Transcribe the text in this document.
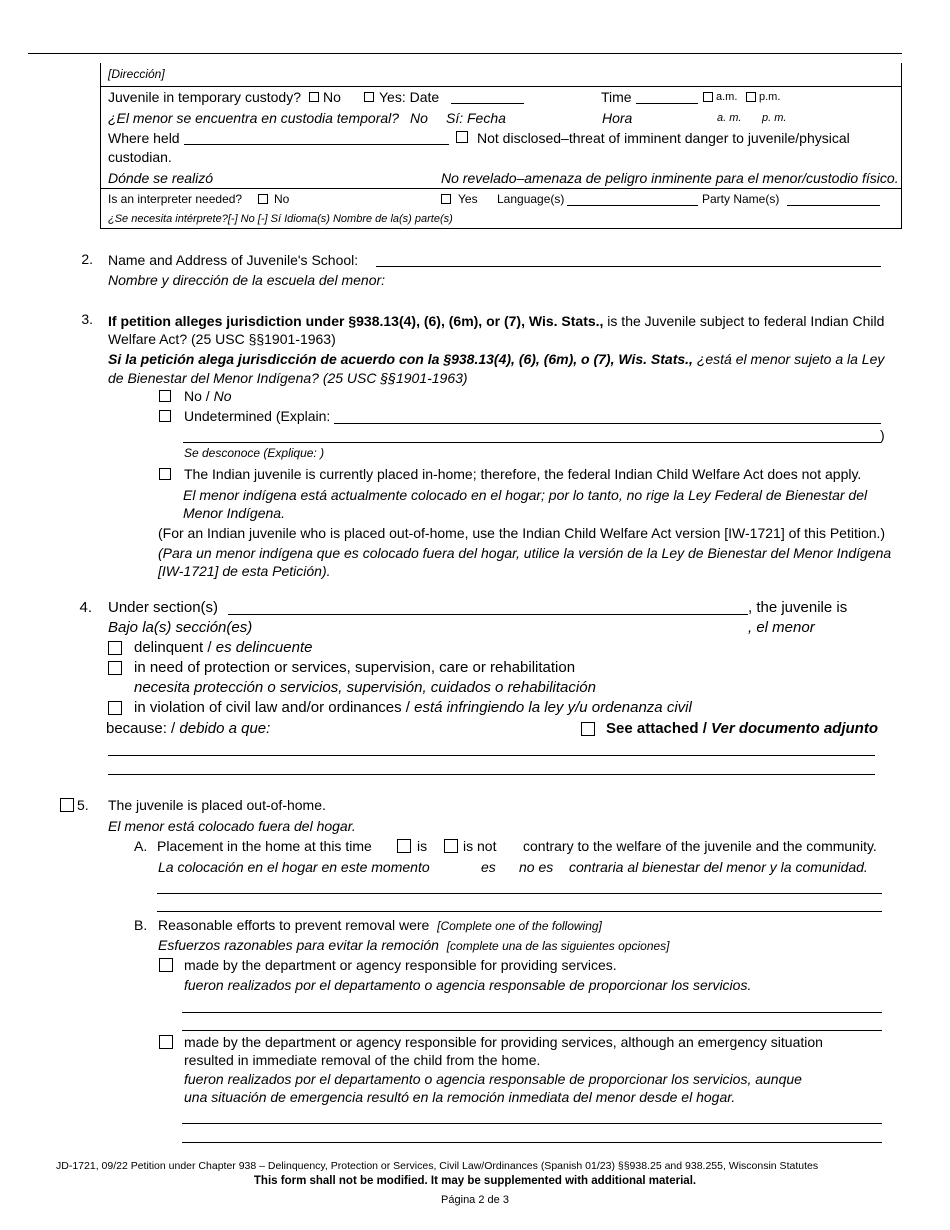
[Dirección]
Juvenile in temporary custody? No	Yes: Date	Time	a.m. p.m.
¿El menor se encuentra en custodia temporal? No Sí: Fecha	Hora	a. m. p. m.
Where held	Not disclosed–threat of imminent danger to juvenile/physical
custodian.
Dónde se realizó	No revelado–amenaza de peligro inminente para el menor/custodio físico.
Is an interpreter needed?	No	Yes Language(s)	Party Name(s)
¿Se necesita intérprete?[-] No [-] Sí Idioma(s) Nombre de la(s) parte(s)
2. Name and Address of Juvenile's School:
Nombre y dirección de la escuela del menor:
3. If petition alleges jurisdiction under §938.13(4), (6), (6m), or (7), Wis. Stats., is the Juvenile subject to federal Indian Child
Welfare Act? (25 USC §§1901-1963)
Si la petición alega jurisdicción de acuerdo con la §938.13(4), (6), (6m), o (7), Wis. Stats., ¿está el menor sujeto a la Ley
de Bienestar del Menor Indígena? (25 USC §§1901-1963)
No / No
Undetermined (Explain:
)
Se desconoce (Explique: )
The Indian juvenile is currently placed in-home; therefore, the federal Indian Child Welfare Act does not apply.
El menor indígena está actualmente colocado en el hogar; por lo tanto, no rige la Ley Federal de Bienestar del
Menor Indígena.
(For an Indian juvenile who is placed out-of-home, use the Indian Child Welfare Act version [IW-1721] of this Petition.)
(Para un menor indígena que es colocado fuera del hogar, utilice la versión de la Ley de Bienestar del Menor Indígena
[IW-1721] de esta Petición).
4. Under section(s)	, the juvenile is
Bajo la(s) sección(es)	, el menor
delinquent / es delincuente
in need of protection or services, supervision, care or rehabilitation
necesita protección o servicios, supervisión, cuidados o rehabilitación
in violation of civil law and/or ordinances / está infringiendo la ley y/u ordenanza civil
because: / debido a que:	See attached / Ver documento adjunto
5. The juvenile is placed out-of-home.
El menor está colocado fuera del hogar.
A. Placement in the home at this time	is	is not contrary to the welfare of the juvenile and the community.
La colocación en el hogar en este momento	es no es contraria al bienestar del menor y la comunidad.
B. Reasonable efforts to prevent removal were [Complete one of the following]
Esfuerzos razonables para evitar la remoción [complete una de las siguientes opciones]
made by the department or agency responsible for providing services.
fueron realizados por el departamento o agencia responsable de proporcionar los servicios.
made by the department or agency responsible for providing services, although an emergency situation
resulted in immediate removal of the child from the home.
fueron realizados por el departamento o agencia responsable de proporcionar los servicios, aunque
una situación de emergencia resultó en la remoción inmediata del menor desde el hogar.
JD-1721, 09/22 Petition under Chapter 938 – Delinquency, Protection or Services, Civil Law/Ordinances (Spanish 01/23) §§938.25 and 938.255, Wisconsin Statutes
This form shall not be modified. It may be supplemented with additional material.
Página 2 de 3
